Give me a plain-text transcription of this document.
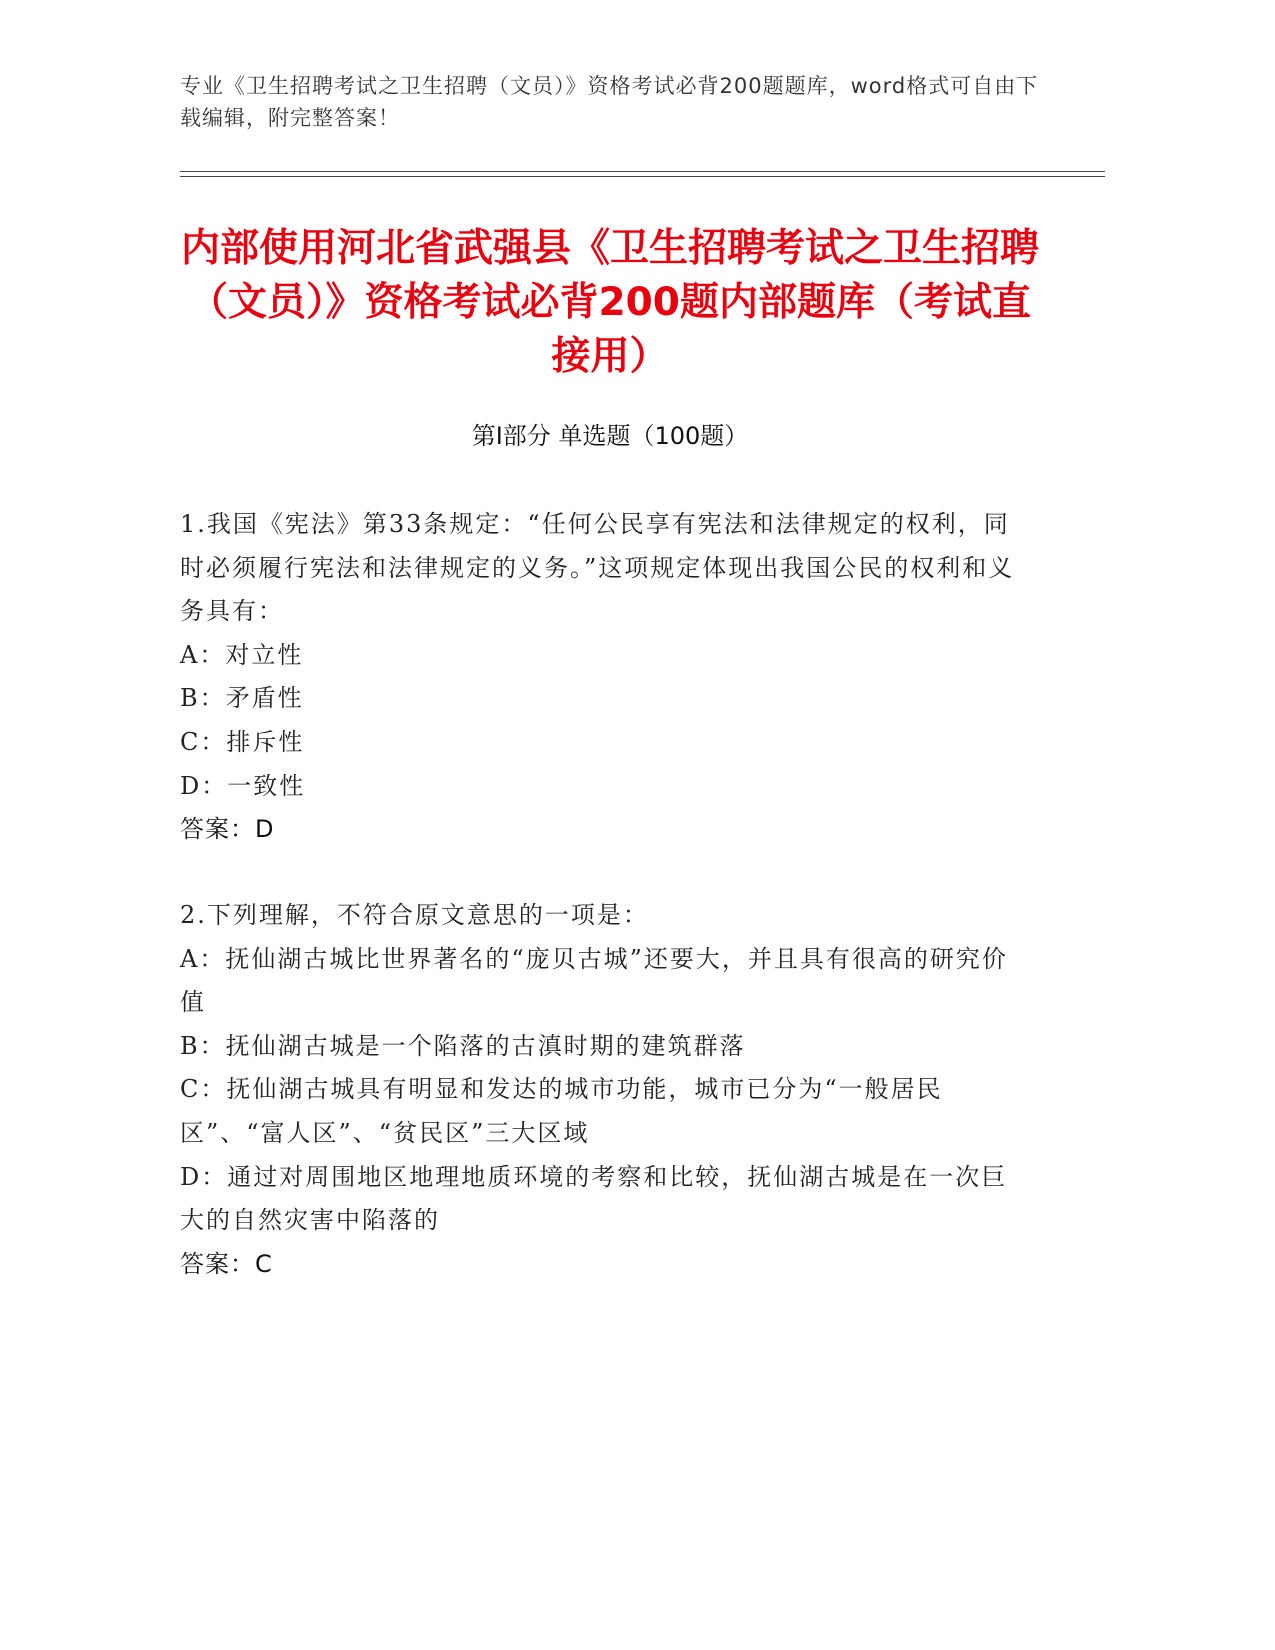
专业《卫生招聘考试之卫生招聘（文员）》资格考试必背200题题库，word格式可自由下载编辑，附完整答案！
内部使用河北省武强县《卫生招聘考试之卫生招聘（文员）》资格考试必背200题内部题库（考试直接用）
第Ⅰ部分 单选题（100题）
1.我国《宪法》第33条规定：“任何公民享有宪法和法律规定的权利，同时必须履行宪法和法律规定的义务。”这项规定体现出我国公民的权利和义务具有：
A：对立性
B：矛盾性
C：排斥性
D：一致性
答案：D
2.下列理解，不符合原文意思的一项是：
A：抚仙湖古城比世界著名的“庞贝古城”还要大，并且具有很高的研究价值
B：抚仙湖古城是一个陷落的古滇时期的建筑群落
C：抚仙湖古城具有明显和发达的城市功能，城市已分为“一般居民区”、“富人区”、“贫民区”三大区域
D：通过对周围地区地理地质环境的考察和比较，抚仙湖古城是在一次巨大的自然灾害中陷落的
答案：C
